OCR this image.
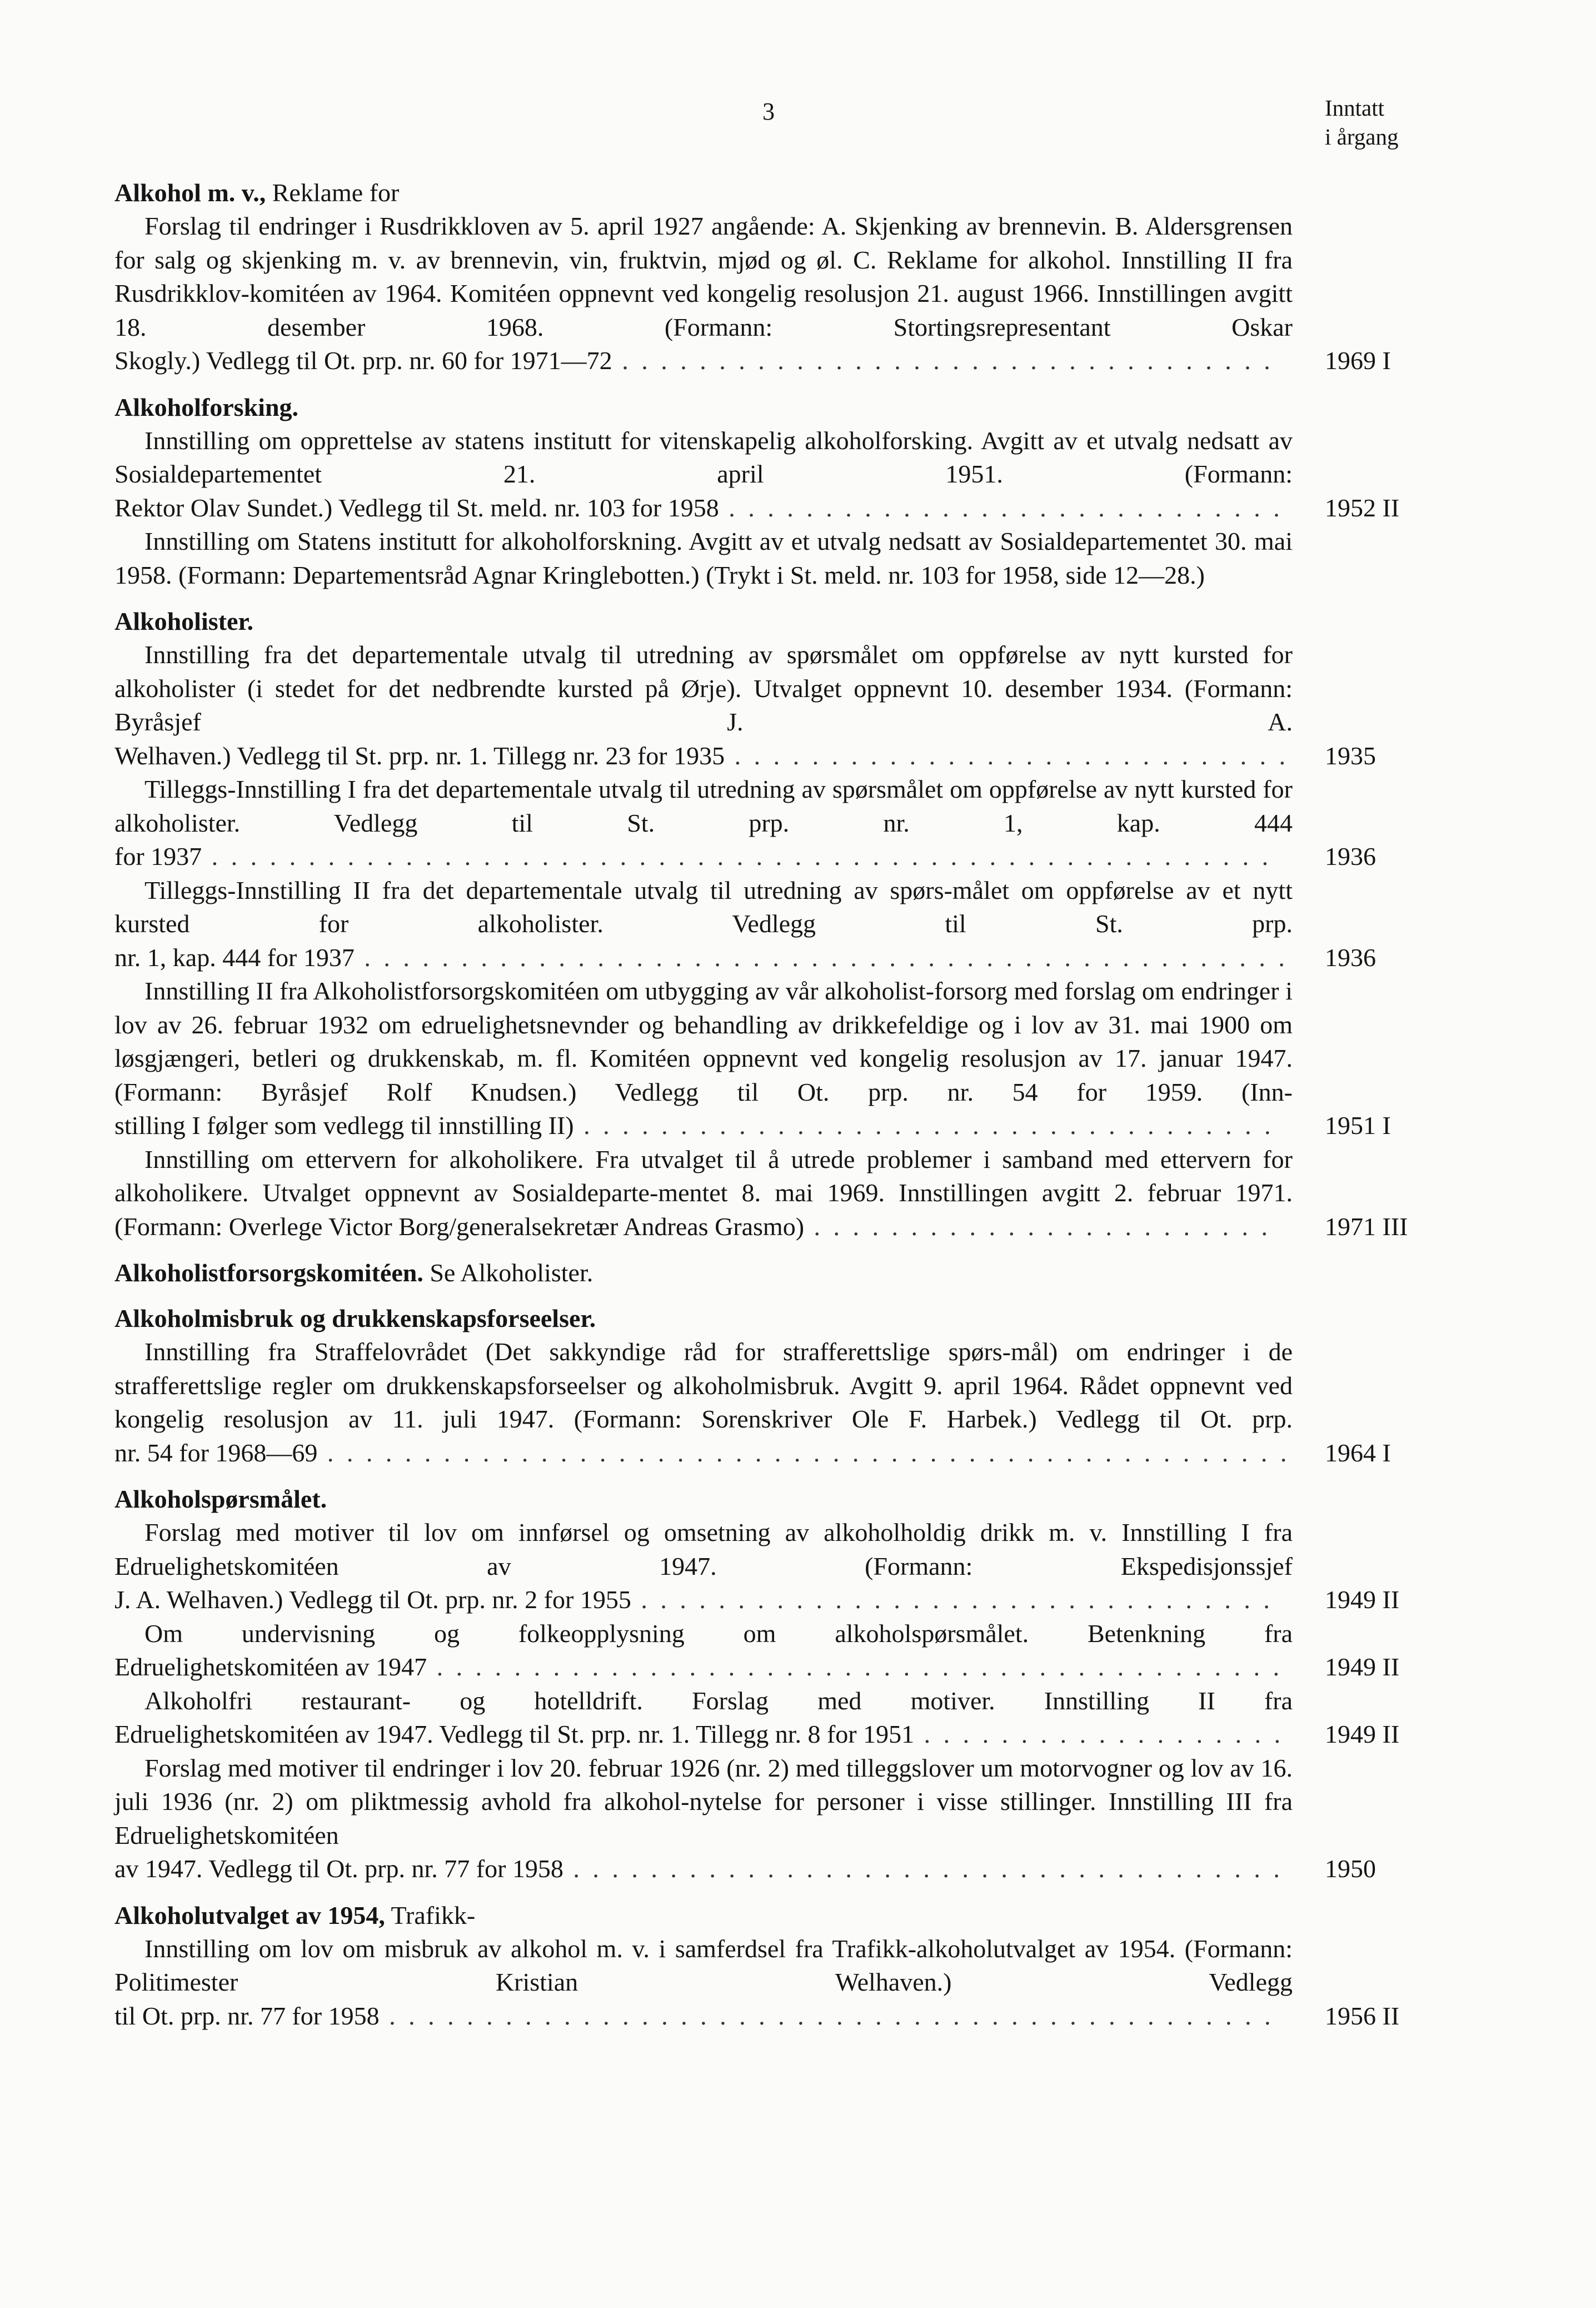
3	Inntatt
i årgang
Alkohol m. v., Reklame for
Forslag til endringer i Rusdrikkloven av 5. april 1927 angående: A. Skjenking av brennevin. B. Aldersgrensen for salg og skjenking m. v. av brennevin, vin, fruktvin, mjød og øl. C. Reklame for alkohol. Innstilling II fra Rusdrikklov-komitéen av 1964. Komitéen oppnevnt ved kongelig resolusjon 21. august 1966. Innstillingen avgitt 18. desember 1968. (Formann: Stortingsrepresentant Oskar Skogly.) Vedlegg til Ot. prp. nr. 60 for 1971—72 . . . . . . . . . . . . . . . . . . . . . . . . . . . . . . . . . . 1969 I
Alkoholforsking.
Innstilling om opprettelse av statens institutt for vitenskapelig alkoholforsking. Avgitt av et utvalg nedsatt av Sosialdepartementet 21. april 1951. (Formann: Rektor Olav Sundet.) Vedlegg til St. meld. nr. 103 for 1958 . . . . . . . . . . . . . . . . . . . . . . . . . . . . . 1952 II
Innstilling om Statens institutt for alkoholforskning. Avgitt av et utvalg nedsatt av Sosialdepartementet 30. mai 1958. (Formann: Departementsråd Agnar Kringlebotten.) (Trykt i St. meld. nr. 103 for 1958, side 12—28.)
Alkoholister.
Innstilling fra det departementale utvalg til utredning av spørsmålet om oppførelse av nytt kursted for alkoholister (i stedet for det nedbrendte kursted på Ørje). Utvalget oppnevnt 10. desember 1934. (Formann: Byråsjef J. A. Welhaven.) Vedlegg til St. prp. nr. 1. Tillegg nr. 23 for 1935 . . . . . . . . . . . . . . . . . . . . . . . . . . . . . 1935
Tilleggs-Innstilling I fra det departementale utvalg til utredning av spørsmålet om oppførelse av nytt kursted for alkoholister. Vedlegg til St. prp. nr. 1, kap. 444 for 1937 . . . . . . . . . . . . . . . . . . . . . . . . . . . . . . . . . . . . . . . . . . . . . . . . . . . . . . . 1936
Tilleggs-Innstilling II fra det departementale utvalg til utredning av spørs-målet om oppførelse av et nytt kursted for alkoholister. Vedlegg til St. prp. nr. 1, kap. 444 for 1937 . . . . . . . . . . . . . . . . . . . . . . . . . . . . . . . . . . . . . . . . . . . . . . . . 1936
Innstilling II fra Alkoholistforsorgskomitéen om utbygging av vår alkoholist-forsorg med forslag om endringer i lov av 26. februar 1932 om edruelighetsnevnder og behandling av drikkefeldige og i lov av 31. mai 1900 om løsgjængeri, betleri og drukkenskab, m. fl. Komitéen oppnevnt ved kongelig resolusjon av 17. januar 1947. (Formann: Byråsjef Rolf Knudsen.) Vedlegg til Ot. prp. nr. 54 for 1959. (Inn- stilling I følger som vedlegg til innstilling II) . . . . . . . . . . . . . . . . . . . . . . . . . . . . . . . . . . . . 1951 I
Innstilling om ettervern for alkoholikere. Fra utvalget til å utrede problemer i samband med ettervern for alkoholikere. Utvalget oppnevnt av Sosialdeparte-mentet 8. mai 1969. Innstillingen avgitt 2. februar 1971. (Formann: Overlege Victor Borg/generalsekretær Andreas Grasmo) . . . . . . . . . . . . . . . . . . . . . . . . 1971 III
Alkoholistforsorgskomitéen. Se Alkoholister.
Alkoholmisbruk og drukkenskapsforseelser.
Innstilling fra Straffelovrådet (Det sakkyndige råd for strafferettslige spørs-mål) om endringer i de strafferettslige regler om drukkenskapsforseelser og alkoholmisbruk. Avgitt 9. april 1964. Rådet oppnevnt ved kongelig resolusjon av 11. juli 1947. (Formann: Sorenskriver Ole F. Harbek.) Vedlegg til Ot. prp. nr. 54 for 1968—69 . . . . . . . . . . . . . . . . . . . . . . . . . . . . . . . . . . . . . . . . . . . . . . . . . . 1964 I
Alkoholspørsmålet.
Forslag med motiver til lov om innførsel og omsetning av alkoholholdig drikk m. v. Innstilling I fra Edruelighetskomitéen av 1947. (Formann: Ekspedisjonssjef J. A. Welhaven.) Vedlegg til Ot. prp. nr. 2 for 1955 . . . . . . . . . . . . . . . . . . . . . . . . . . . . . . . . . 1949 II
Om undervisning og folkeopplysning om alkoholspørsmålet. Betenkning fra Edruelighetskomitéen av 1947 . . . . . . . . . . . . . . . . . . . . . . . . . . . . . . . . . . . . . . . . . . . . 1949 II
Alkoholfri restaurant- og hotelldrift. Forslag med motiver. Innstilling II fra Edruelighetskomitéen av 1947. Vedlegg til St. prp. nr. 1. Tillegg nr. 8 for 1951 . . . . . . . . . . . . . . . . . . . 1949 II
Forslag med motiver til endringer i lov 20. februar 1926 (nr. 2) med tilleggslover um motorvogner og lov av 16. juli 1936 (nr. 2) om pliktmessig avhold fra alkohol-nytelse for personer i visse stillinger. Innstilling III fra Edruelighetskomitéen av 1947. Vedlegg til Ot. prp. nr. 77 for 1958 . . . . . . . . . . . . . . . . . . . . . . . . . . . . . . . . . . . . . 1950
Alkoholutvalget av 1954, Trafikk-
Innstilling om lov om misbruk av alkohol m. v. i samferdsel fra Trafikk-alkoholutvalget av 1954. (Formann: Politimester Kristian Welhaven.) Vedlegg til Ot. prp. nr. 77 for 1958 . . . . . . . . . . . . . . . . . . . . . . . . . . . . . . . . . . . . . . . . . . . . . . 1956 II
